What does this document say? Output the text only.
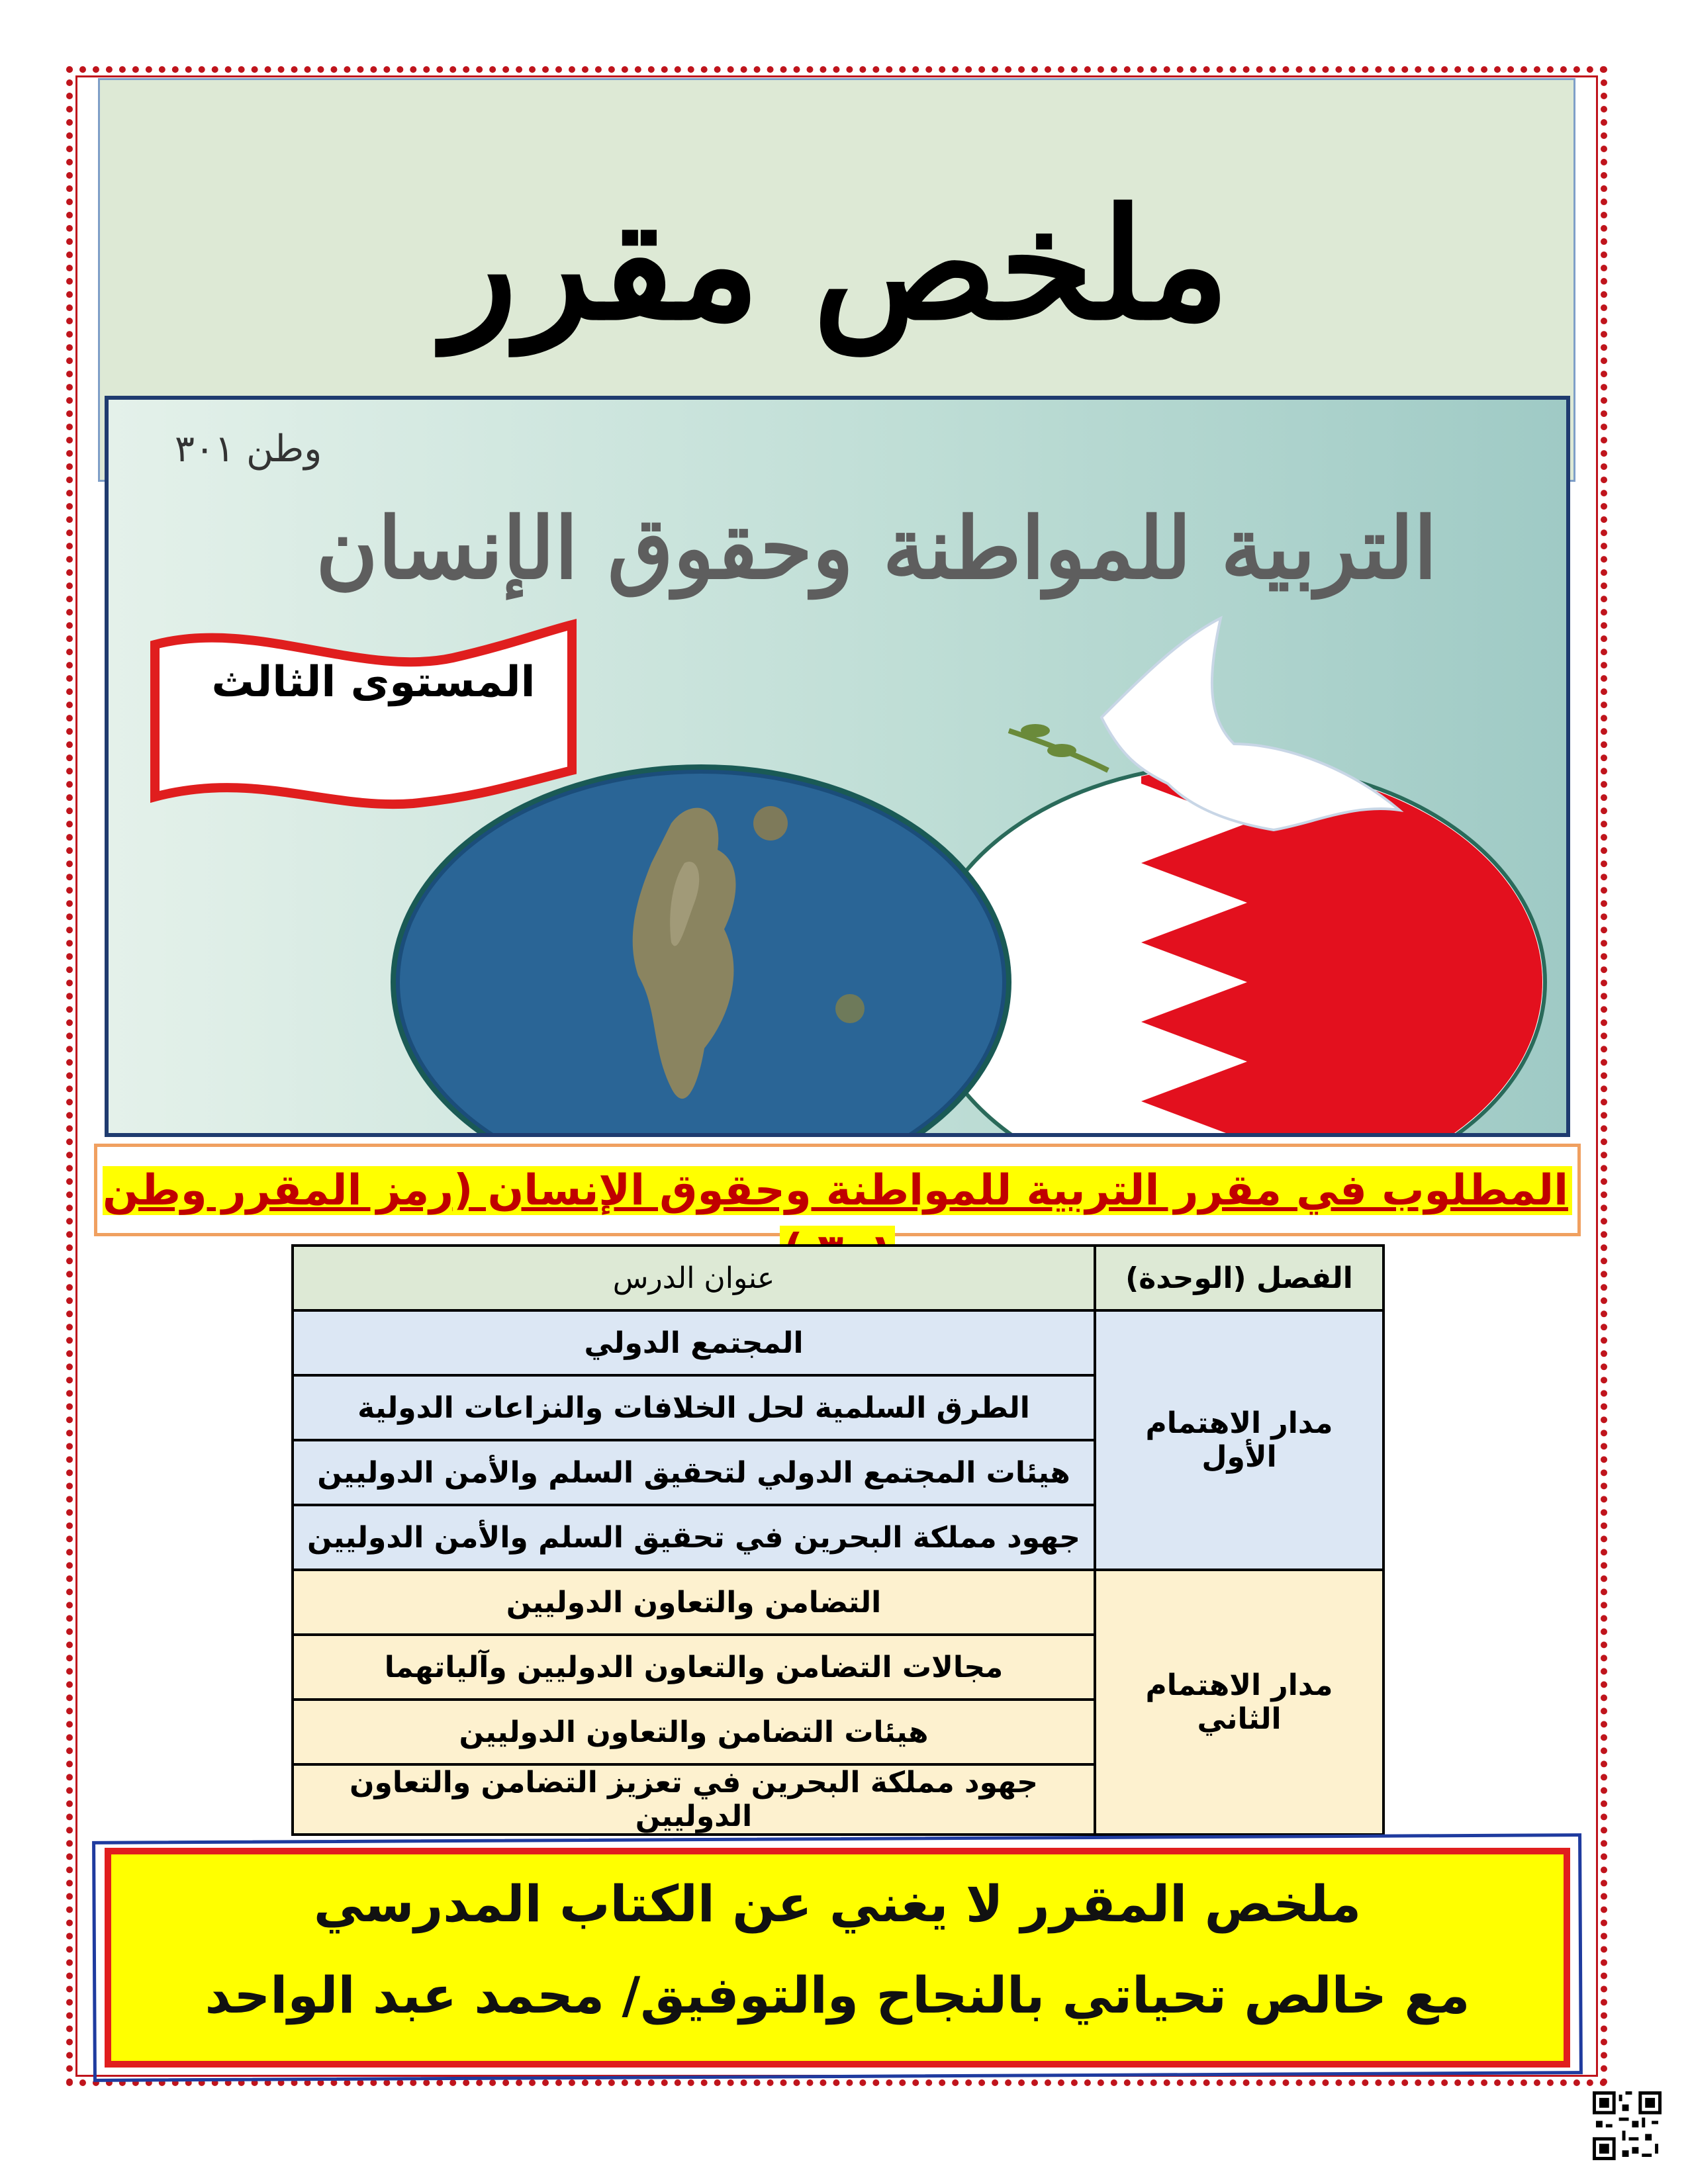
ملخص مقرر
وطن ٣٠١
التربية للمواطنة وحقوق الإنسان
المستوى الثالث
المطلوب في مقرر التربية للمواطنة وحقوق الإنسان (رمز المقرر وطن
الفصل (الوحدة)	عنوان الدرس
مدار الاهتمام الأول	المجتمع الدولي
	الطرق السلمية لحل الخلافات والنزاعات الدولية
	هيئات المجتمع الدولي لتحقيق السلم والأمن الدوليين
	جهود مملكة البحرين في تحقيق السلم والأمن الدوليين
مدار الاهتمام الثاني	التضامن والتعاون الدوليين
	مجالات التضامن والتعاون الدوليين وآلياتهما
	هيئات التضامن والتعاون الدوليين
	جهود مملكة البحرين في تعزيز التضامن والتعاون الدوليين
ملخص المقرر لا يغني عن الكتاب المدرسي
مع خالص تحياتي بالنجاح والتوفيق/ محمد عبد الواحد
